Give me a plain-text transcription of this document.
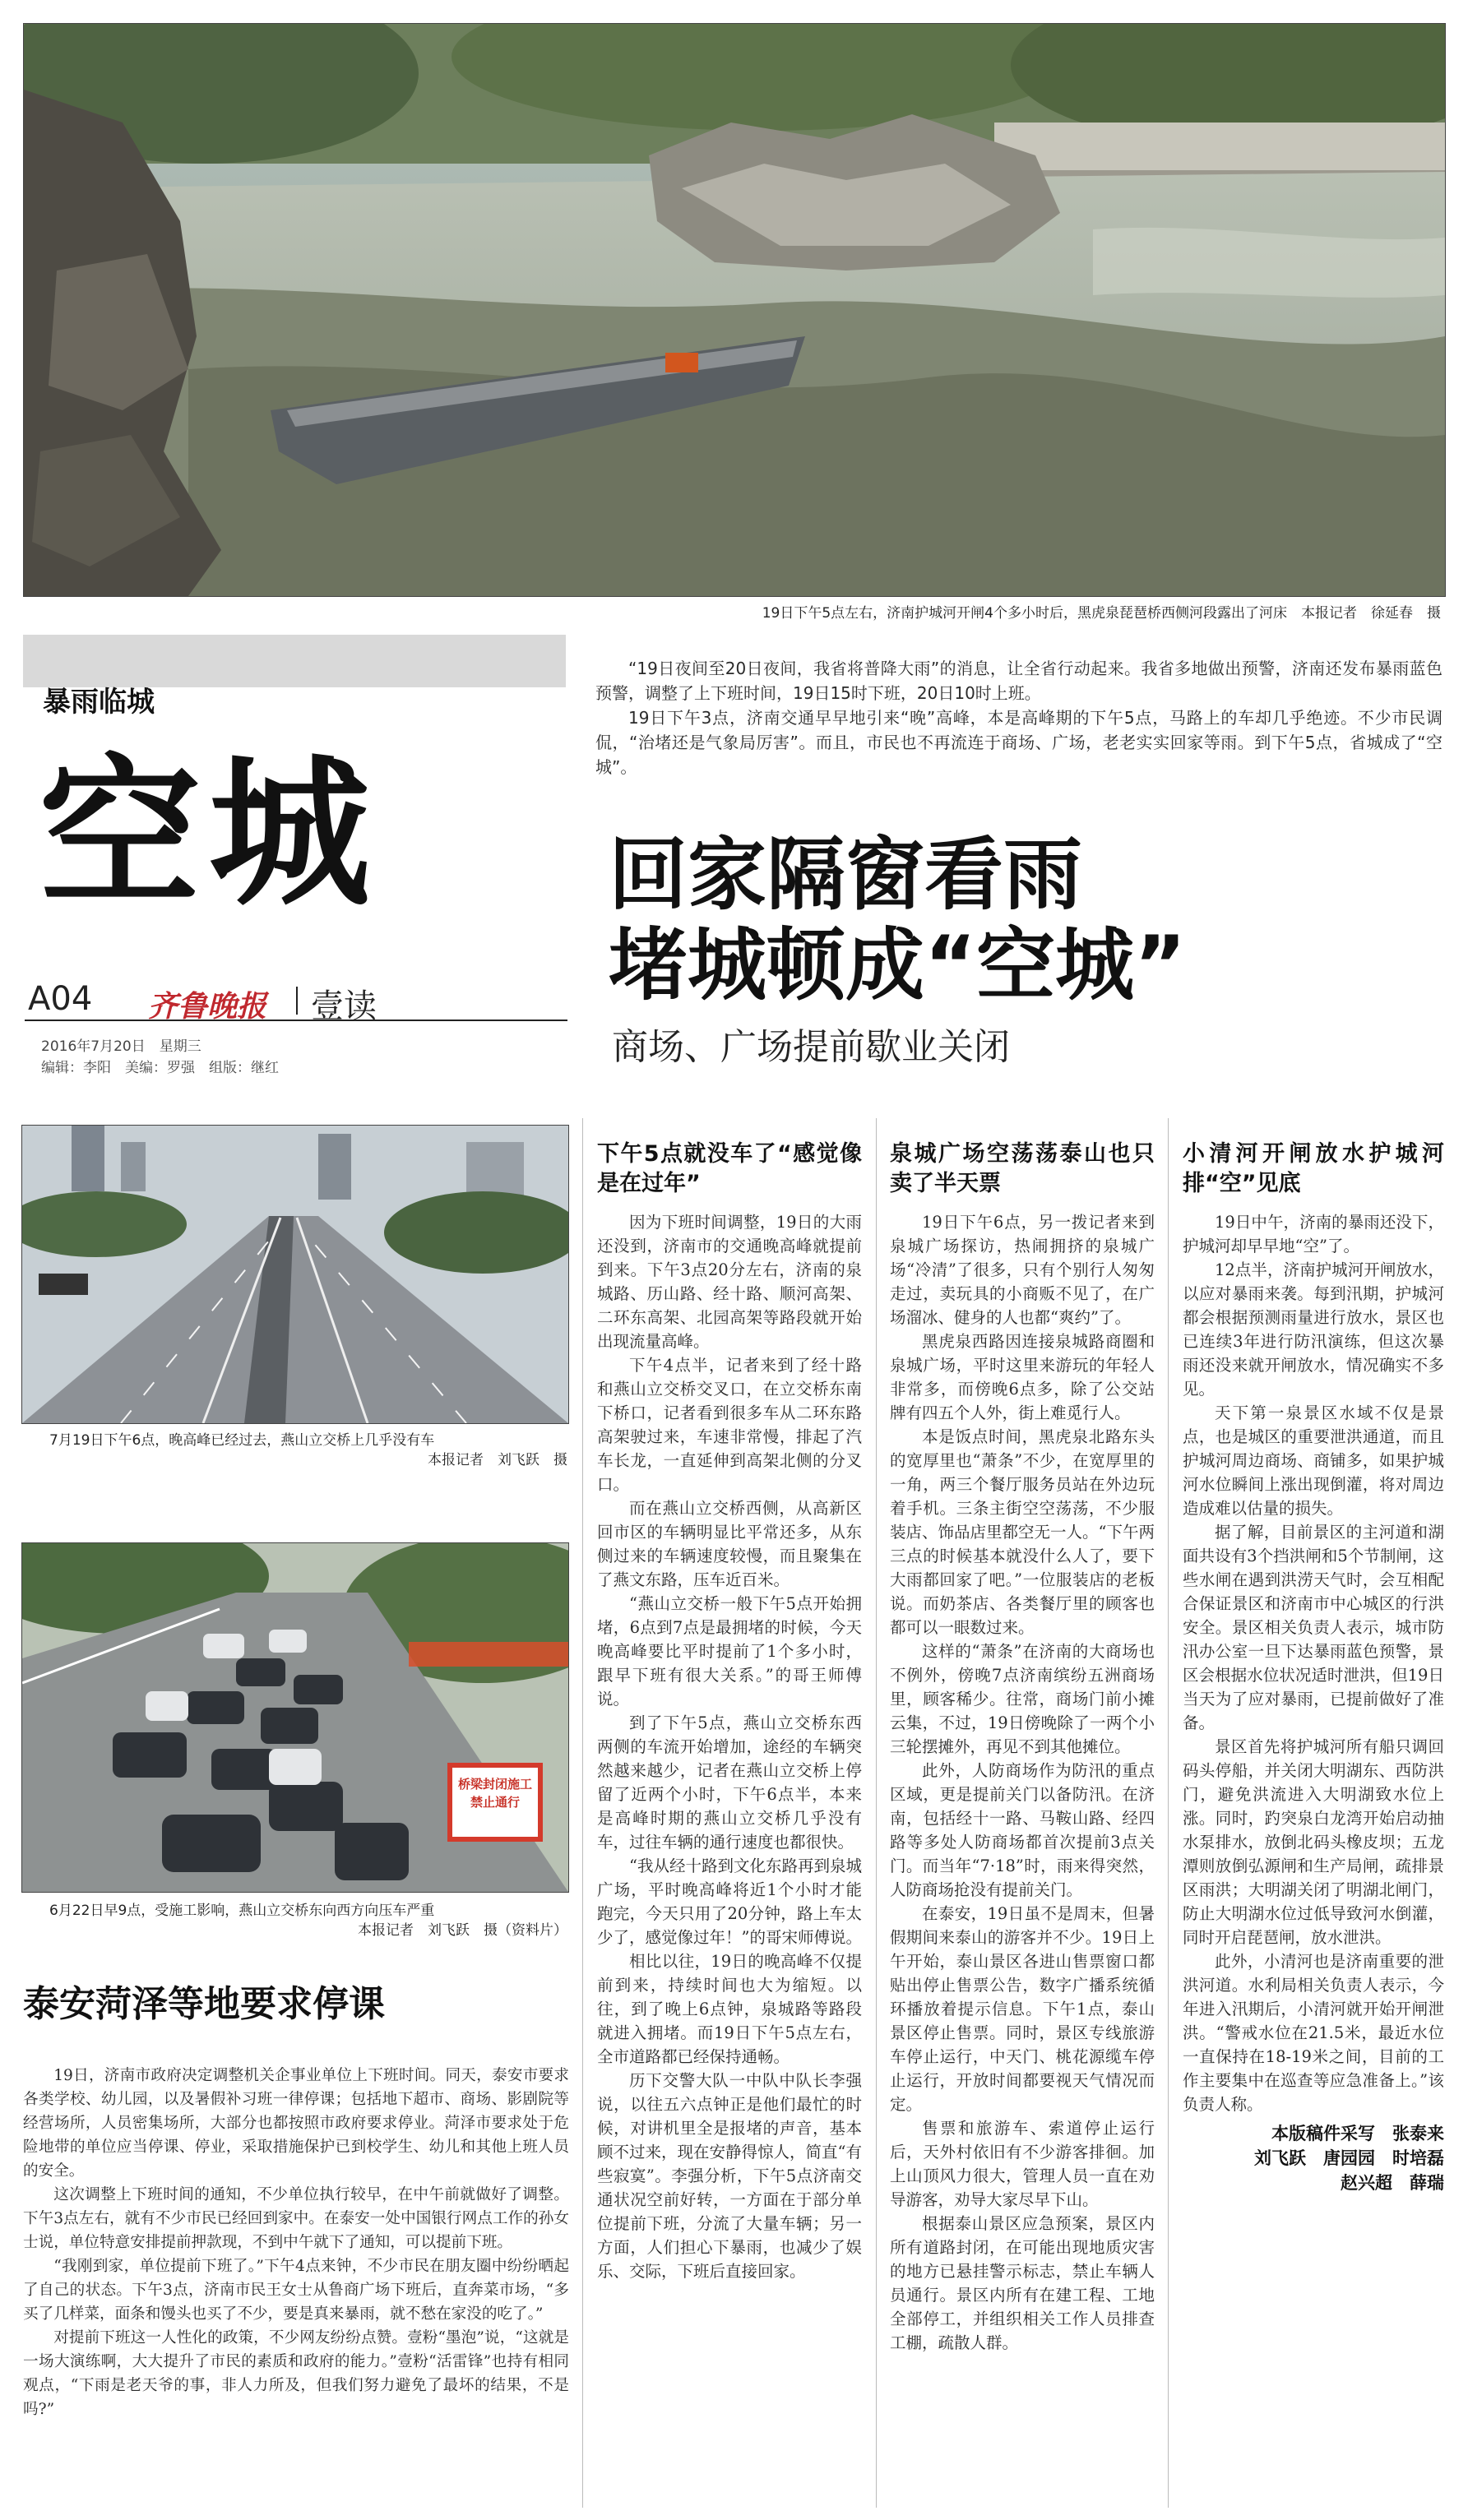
19日下午5点左右，济南护城河开闸4个多小时后，黑虎泉琵琶桥西侧河段露出了河床　 本报记者　徐延春　摄
暴雨临城
空城
A04 齐鲁晚报 壹读
2016年7月20日　 星期三
编辑：李阳　美编：罗强　组版：继红

“19日夜间至20日夜间，我省将普降大雨”的消息，让全省行动起来。我省多地做出预警，济南还发布暴雨蓝色预警，调整了上下班时间，19日15时下班，20日10时上班。

19日下午3点，济南交通早早地引来“晚”高峰，本是高峰期的下午5点，马路上的车却几乎绝迹。不少市民调侃，“治堵还是气象局厉害”。而且，市民也不再流连于商场、广场，老老实实回家等雨。到下午5点，省城成了“空城”。

回家隔窗看雨
堵城顿成“空城”
商场、广场提前歇业关闭
7月19日下午6点，晚高峰已经过去，燕山立交桥上几乎没有车
本报记者　刘飞跃　摄
桥梁封闭施工 禁止通行
6月22日早9点，受施工影响，燕山立交桥东向西方向压车严重
本报记者　刘飞跃　摄（资料片）
泰安菏泽等地要求停课

19日，济南市政府决定调整机关企事业单位上下班时间。同天，泰安市要求各类学校、幼儿园，以及暑假补习班一律停课；包括地下超市、商场、影剧院等经营场所，人员密集场所，大部分也都按照市政府要求停业。菏泽市要求处于危险地带的单位应当停课、停业，采取措施保护已到校学生、幼儿和其他上班人员的安全。

这次调整上下班时间的通知，不少单位执行较早，在中午前就做好了调整。下午3点左右，就有不少市民已经回到家中。在泰安一处中国银行网点工作的孙女士说，单位特意安排提前押款现，不到中午就下了通知，可以提前下班。

“我刚到家，单位提前下班了。”下午4点来钟，不少市民在朋友圈中纷纷晒起了自己的状态。下午3点，济南市民王女士从鲁商广场下班后，直奔菜市场，“多买了几样菜，面条和馒头也买了不少，要是真来暴雨，就不愁在家没的吃了。”

对提前下班这一人性化的政策，不少网友纷纷点赞。壹粉“墨泡”说，“这就是一场大演练啊，大大提升了市民的素质和政府的能力。”壹粉“活雷锋”也持有相同观点，“下雨是老天爷的事，非人力所及，但我们努力避免了最坏的结果，不是吗?”

下午5点就没车了“感觉像是在过年”

因为下班时间调整，19日的大雨还没到，济南市的交通晚高峰就提前到来。下午3点20分左右，济南的泉城路、历山路、经十路、顺河高架、二环东高架、北园高架等路段就开始出现流量高峰。

下午4点半，记者来到了经十路和燕山立交桥交叉口，在立交桥东南下桥口，记者看到很多车从二环东路高架驶过来，车速非常慢，排起了汽车长龙，一直延伸到高架北侧的分叉口。

而在燕山立交桥西侧，从高新区回市区的车辆明显比平常还多，从东侧过来的车辆速度较慢，而且聚集在了燕文东路，压车近百米。

“燕山立交桥一般下午5点开始拥堵，6点到7点是最拥堵的时候，今天晚高峰要比平时提前了1个多小时，跟早下班有很大关系。”的哥王师傅说。

到了下午5点，燕山立交桥东西两侧的车流开始增加，途经的车辆突然越来越少，记者在燕山立交桥上停留了近两个小时，下午6点半，本来是高峰时期的燕山立交桥几乎没有车，过往车辆的通行速度也都很快。

“我从经十路到文化东路再到泉城广场，平时晚高峰将近1个小时才能跑完，今天只用了20分钟，路上车太少了，感觉像过年！”的哥宋师傅说。

相比以往，19日的晚高峰不仅提前到来，持续时间也大为缩短。以往，到了晚上6点钟，泉城路等路段就进入拥堵。而19日下午5点左右，全市道路都已经保持通畅。

历下交警大队一中队中队长李强说，以往五六点钟正是他们最忙的时候，对讲机里全是报堵的声音，基本顾不过来，现在安静得惊人，简直“有些寂寞”。李强分析，下午5点济南交通状况空前好转，一方面在于部分单位提前下班，分流了大量车辆；另一方面，人们担心下暴雨，也减少了娱乐、交际，下班后直接回家。

泉城广场空荡荡泰山也只卖了半天票

19日下午6点，另一拨记者来到泉城广场探访，热闹拥挤的泉城广场“冷清”了很多，只有个别行人匆匆走过，卖玩具的小商贩不见了，在广场溜冰、健身的人也都“爽约”了。

黑虎泉西路因连接泉城路商圈和泉城广场，平时这里来游玩的年轻人非常多，而傍晚6点多，除了公交站牌有四五个人外，街上难觅行人。

本是饭点时间，黑虎泉北路东头的宽厚里也“萧条”不少，在宽厚里的一角，两三个餐厅服务员站在外边玩着手机。三条主街空空荡荡，不少服装店、饰品店里都空无一人。“下午两三点的时候基本就没什么人了，要下大雨都回家了吧。”一位服装店的老板说。而奶茶店、各类餐厅里的顾客也都可以一眼数过来。

这样的“萧条”在济南的大商场也不例外，傍晚7点济南缤纷五洲商场里，顾客稀少。往常，商场门前小摊云集，不过，19日傍晚除了一两个小三轮摆摊外，再见不到其他摊位。

此外，人防商场作为防汛的重点区域，更是提前关门以备防汛。在济南，包括经十一路、马鞍山路、经四路等多处人防商场都首次提前3点关门。而当年“7·18”时，雨来得突然，人防商场抢没有提前关门。

在泰安，19日虽不是周末，但暑假期间来泰山的游客并不少。19日上午开始，泰山景区各进山售票窗口都贴出停止售票公告，数字广播系统循环播放着提示信息。下午1点，泰山景区停止售票。同时，景区专线旅游车停止运行，中天门、桃花源缆车停止运行，开放时间都要视天气情况而定。

售票和旅游车、索道停止运行后，天外村依旧有不少游客排徊。加上山顶风力很大，管理人员一直在劝导游客，劝导大家尽早下山。

根据泰山景区应急预案，景区内所有道路封闭，在可能出现地质灾害的地方已悬挂警示标志，禁止车辆人员通行。景区内所有在建工程、工地全部停工，并组织相关工作人员排查工棚，疏散人群。

小清河开闸放水护城河排“空”见底

19日中午，济南的暴雨还没下，护城河却早早地“空”了。

12点半，济南护城河开闸放水，以应对暴雨来袭。每到汛期，护城河都会根据预测雨量进行放水，景区也已连续3年进行防汛演练，但这次暴雨还没来就开闸放水，情况确实不多见。

天下第一泉景区水域不仅是景点，也是城区的重要泄洪通道，而且护城河周边商场、商铺多，如果护城河水位瞬间上涨出现倒灌，将对周边造成难以估量的损失。

据了解，目前景区的主河道和湖面共设有3个挡洪闸和5个节制闸，这些水闸在遇到洪涝天气时，会互相配合保证景区和济南市中心城区的行洪安全。景区相关负责人表示，城市防汛办公室一旦下达暴雨蓝色预警，景区会根据水位状况适时泄洪，但19日当天为了应对暴雨，已提前做好了准备。

景区首先将护城河所有船只调回码头停船，并关闭大明湖东、西防洪门，避免洪流进入大明湖致水位上涨。同时，趵突泉白龙湾开始启动抽水泵排水，放倒北码头橡皮坝；五龙潭则放倒弘源闸和生产局闸，疏排景区雨洪；大明湖关闭了明湖北闸门，防止大明湖水位过低导致河水倒灌，同时开启琵琶闸，放水泄洪。

此外，小清河也是济南重要的泄洪河道。水利局相关负责人表示，今年进入汛期后，小清河就开始开闸泄洪。“警戒水位在21.5米，最近水位一直保持在18-19米之间，目前的工作主要集中在巡查等应急准备上。”该负责人称。

本版稿件采写　 张泰来
刘飞跃　 唐园园　 时培磊
赵兴超　 薛瑞
